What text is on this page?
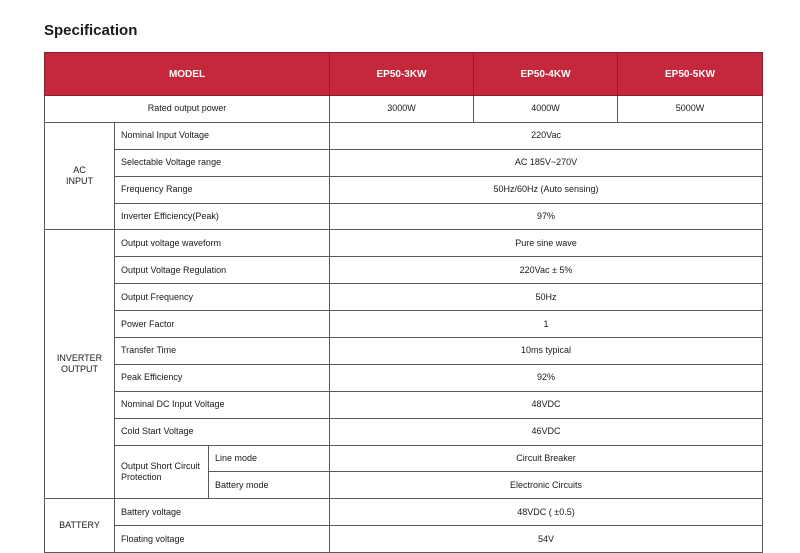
Specification
MODEL			EP50-3KW	EP50-4KW	EP50-5KW
Rated output power			3000W	4000W	5000W
AC
INPUT	Nominal Input Voltage		220Vac		
	Selectable Voltage range		AC 185V~270V		
	Frequency Range		50Hz/60Hz (Auto sensing)		
	Inverter Efficiency(Peak)		97%		
INVERTER
OUTPUT	Output voltage waveform		Pure sine wave		
	Output Voltage Regulation		220Vac ± 5%		
	Output Frequency		50Hz		
	Power Factor		1		
	Transfer Time		10ms typical		
	Peak Efficiency		92%		
	Nominal DC Input Voltage		48VDC		
	Cold Start Voltage		46VDC		
	Output Short Circuit
Protection	Line mode	Circuit Breaker		
		Battery mode	Electronic Circuits		
BATTERY	Battery voltage		48VDC ( ±0.5)		
	Floating voltage		54V		
